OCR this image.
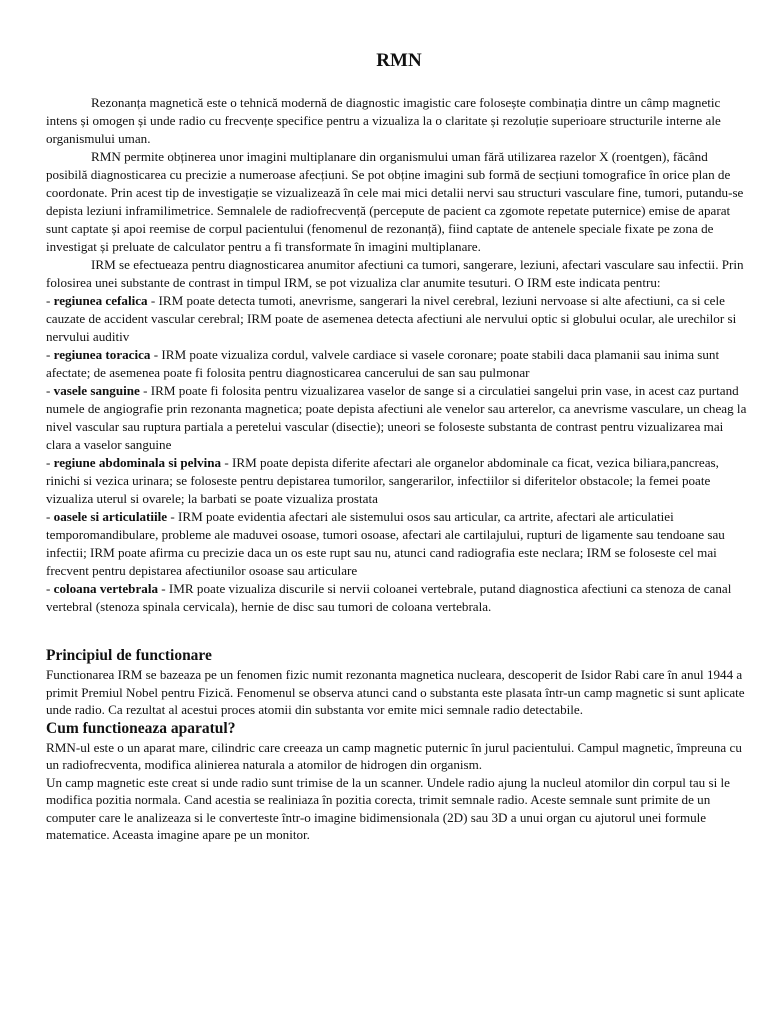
RMN

Rezonanța magnetică este o tehnică modernă de diagnostic imagistic care folosește combinația dintre un câmp magnetic intens și omogen și unde radio cu frecvențe specifice pentru a vizualiza la o claritate și rezoluție superioare structurile interne ale organismului uman.

RMN permite obținerea unor imagini multiplanare din organismului uman fără utilizarea razelor X (roentgen), făcând posibilă diagnosticarea cu precizie a numeroase afecțiuni. Se pot obține imagini sub formă de secțiuni tomografice în orice plan de coordonate. Prin acest tip de investigație se vizualizează în cele mai mici detalii nervi sau structuri vasculare fine, tumori, putandu-se depista leziuni inframilimetrice. Semnalele de radiofrecvență (percepute de pacient ca zgomote repetate puternice) emise de aparat sunt captate și apoi reemise de corpul pacientului (fenomenul de rezonanță), fiind captate de antenele speciale fixate pe zona de investigat și preluate de calculator pentru a fi transformate în imagini multiplanare.

IRM se efectueaza pentru diagnosticarea anumitor afectiuni ca tumori, sangerare, leziuni, afectari vasculare sau infectii. Prin folosirea unei substante de contrast in timpul IRM, se pot vizualiza clar anumite tesuturi. O IRM este indicata pentru:

- regiunea cefalica - IRM poate detecta tumoti, anevrisme, sangerari la nivel cerebral, leziuni nervoase si alte afectiuni, ca si cele cauzate de accident vascular cerebral; IRM poate de asemenea detecta afectiuni ale nervului optic si globului ocular, ale urechilor si nervului auditiv

- regiunea toracica - IRM poate vizualiza cordul, valvele cardiace si vasele coronare; poate stabili daca plamanii sau inima sunt afectate; de asemenea poate fi folosita pentru diagnosticarea cancerului de san sau pulmonar

- vasele sanguine - IRM poate fi folosita pentru vizualizarea vaselor de sange si a circulatiei sangelui prin vase, in acest caz purtand numele de angiografie prin rezonanta magnetica; poate depista afectiuni ale venelor sau arterelor, ca anevrisme vasculare, un cheag la nivel vascular sau ruptura partiala a peretelui vascular (disectie); uneori se foloseste substanta de contrast pentru vizualizarea mai clara a vaselor sanguine

- regiune abdominala si pelvina - IRM poate depista diferite afectari ale organelor abdominale ca ficat, vezica biliara,pancreas, rinichi si vezica urinara; se foloseste pentru depistarea tumorilor, sangerarilor, infectiilor si diferitelor obstacole; la femei poate vizualiza uterul si ovarele; la barbati se poate vizualiza prostata

- oasele si articulatiile - IRM poate evidentia afectari ale sistemului osos sau articular, ca artrite, afectari ale articulatiei temporomandibulare, probleme ale maduvei osoase, tumori osoase, afectari ale cartilajului, rupturi de ligamente sau tendoane sau infectii; IRM poate afirma cu precizie daca un os este rupt sau nu, atunci cand radiografia este neclara; IRM se foloseste cel mai frecvent pentru depistarea afectiunilor osoase sau articulare

- coloana vertebrala - IMR poate vizualiza discurile si nervii coloanei vertebrale, putand diagnostica afectiuni ca stenoza de canal vertebral (stenoza spinala cervicala), hernie de disc sau tumori de coloana vertebrala.

Principiul de functionare

Functionarea IRM se bazeaza pe un fenomen fizic numit rezonanta magnetica nucleara, descoperit de Isidor Rabi care în anul 1944 a primit Premiul Nobel pentru Fizică. Fenomenul se observa atunci cand o substanta este plasata într-un camp magnetic si sunt aplicate unde radio. Ca rezultat al acestui proces atomii din substanta vor emite mici semnale radio detectabile.

Cum functioneaza aparatul?

RMN-ul este o un aparat mare, cilindric care creeaza un camp magnetic puternic în jurul pacientului. Campul magnetic, împreuna cu un radiofrecventa, modifica alinierea naturala a atomilor de hidrogen din organism.

Un camp magnetic este creat si unde radio sunt trimise de la un scanner. Undele radio ajung la nucleul atomilor din corpul tau si le modifica pozitia normala. Cand acestia se realiniaza în pozitia corecta, trimit semnale radio. Aceste semnale sunt primite de un computer care le analizeaza si le converteste într-o imagine bidimensionala (2D) sau 3D a unui organ cu ajutorul unei formule matematice. Aceasta imagine apare pe un monitor.
